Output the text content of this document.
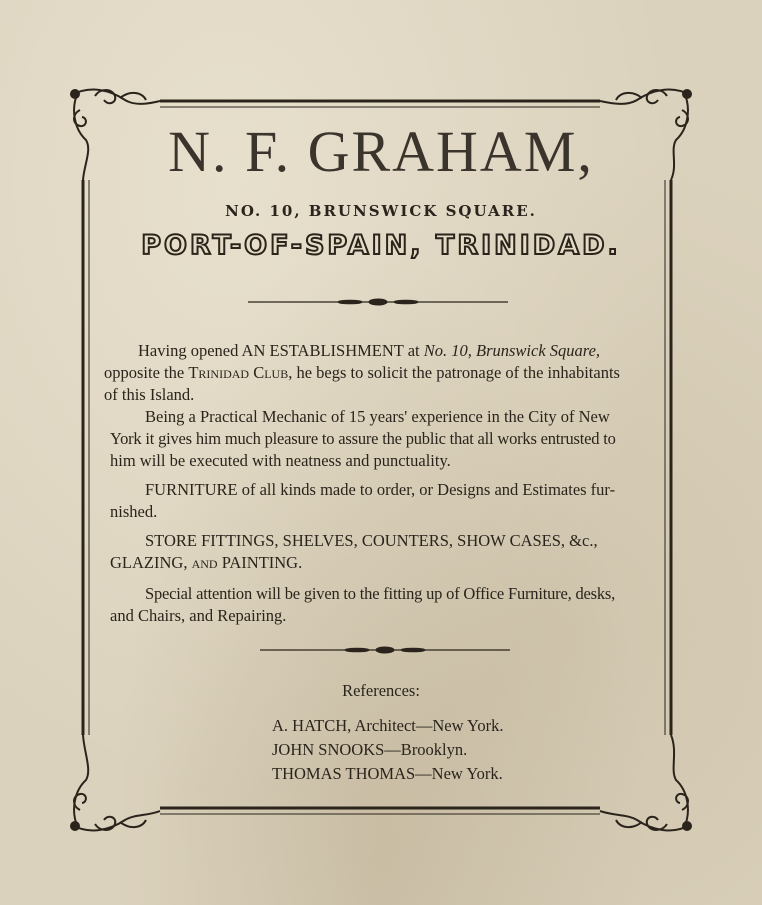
N. F. GRAHAM,
NO. 10, BRUNSWICK SQUARE.
PORT-OF-SPAIN, TRINIDAD.
Having opened AN ESTABLISHMENT at No. 10, Brunswick Square,
opposite the Trinidad Club, he begs to solicit the patronage of the inhabitants
of this Island.
Being a Practical Mechanic of 15 years' experience in the City of New
York it gives him much pleasure to assure the public that all works entrusted to
him will be executed with neatness and punctuality.
FURNITURE of all kinds made to order, or Designs and Estimates fur-
nished.
STORE FITTINGS, SHELVES, COUNTERS, SHOW CASES, &c.,
GLAZING, and PAINTING.
Special attention will be given to the fitting up of Office Furniture, desks,
and Chairs, and Repairing.
References:
A. HATCH, Architect—New York.
JOHN SNOOKS—Brooklyn.
THOMAS THOMAS—New York.
